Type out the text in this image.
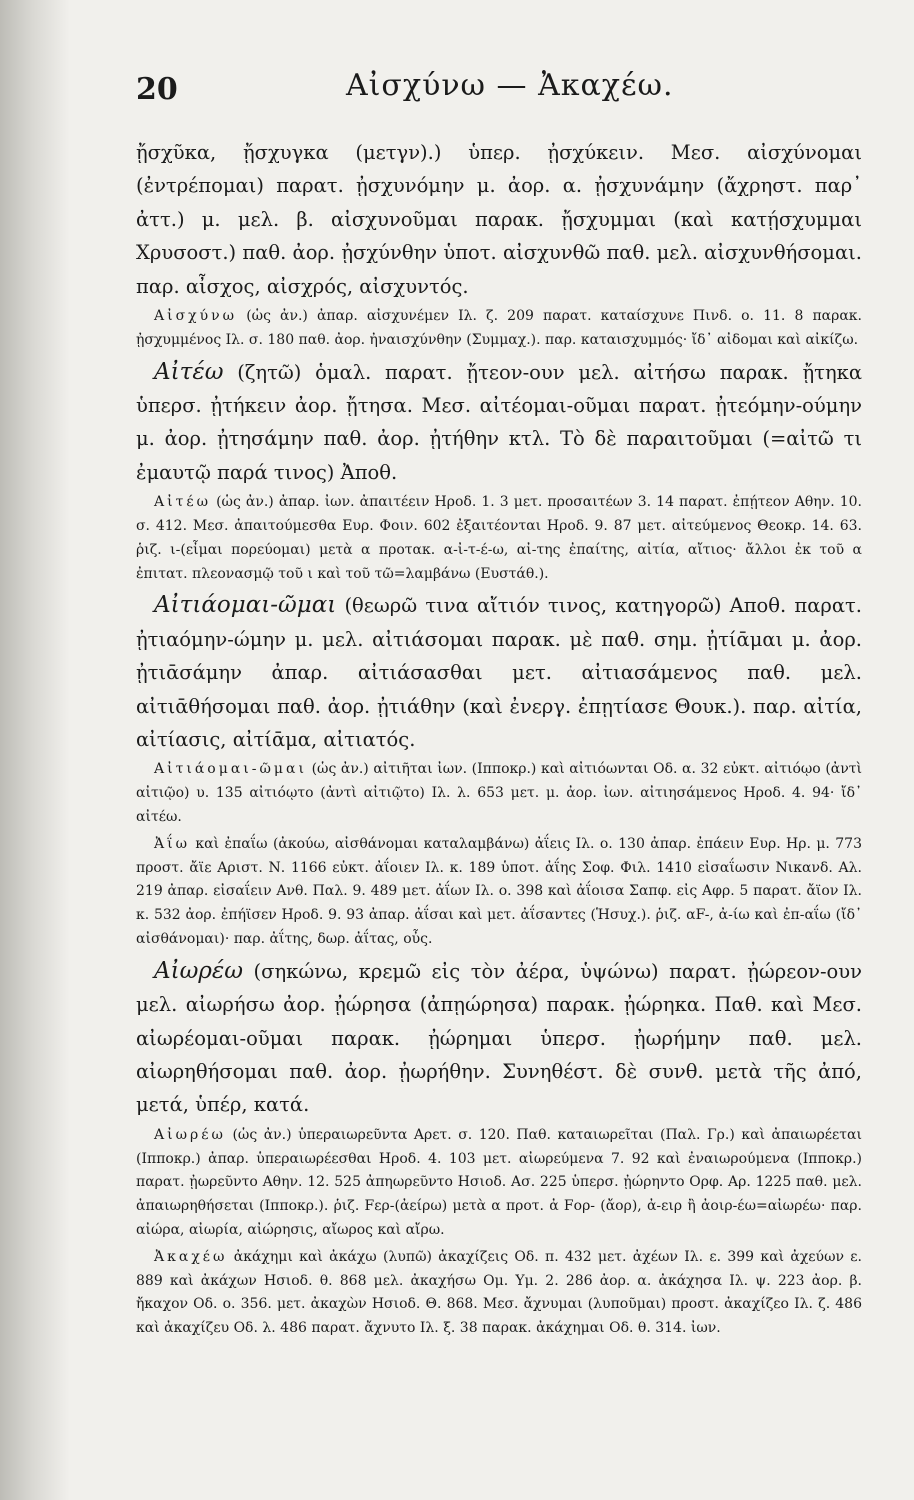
20	Αἰσχύνω — Ἀκαχέω.

ᾔσχῦκα, ᾔσχυγκα (μετγν).) ὑπερ. ᾐσχύκειν. Μεσ. αἰσχύνομαι (ἐντρέπομαι) παρατ. ᾐσχυνόμην μ. ἀορ. α. ᾐσχυνάμην (ἄχρηστ. παρ᾽ ἀττ.) μ. μελ. β. αἰσχυνοῦμαι παρακ. ᾔσχυμμαι (καὶ κατῄσχυμμαι Χρυσοστ.) παθ. ἀορ. ᾐσχύνθην ὑποτ. αἰσχυνθῶ παθ. μελ. αἰσχυνθήσομαι. παρ. αἶσχος, αἰσχρός, αἰσχυντός.

Αἰσχύνω (ὡς ἀν.) ἀπαρ. αἰσχυνέμεν Ιλ. ζ. 209 παρατ. καταίσχυνε Πινδ. ο. 11. 8 παρακ. ᾐσχυμμένος Ιλ. σ. 180 παθ. ἀορ. ἠναισχύνθην (Συμμαχ.). παρ. καταισχυμμός· ἴδ᾽ αἰδομαι καὶ αἰκίζω.

Αἰτέω (ζητῶ) ὁμαλ. παρατ. ᾔτεον-ουν μελ. αἰτήσω παρακ. ᾔτηκα ὑπερσ. ᾐτήκειν ἀορ. ᾔτησα. Μεσ. αἰτέομαι-οῦμαι παρατ. ᾐτεόμην-ούμην μ. ἀορ. ᾐτησάμην παθ. ἀορ. ᾐτήθην κτλ. Τὸ δὲ παραιτοῦμαι (=αἰτῶ τι ἐμαυτῷ παρά τινος) Ἀποθ.

Αἰτέω (ὡς ἀν.) ἀπαρ. ἰων. ἀπαιτέειν Ηροδ. 1. 3 μετ. προσαιτέων 3. 14 παρατ. ἐπῄτεον Αθην. 10. σ. 412. Μεσ. ἀπαιτούμεσθα Ευρ. Φοιν. 602 ἐξαιτέονται Ηροδ. 9. 87 μετ. αἰτεύμενος Θεοκρ. 14. 63. ῥιζ. ι-(εἶμαι πορεύομαι) μετὰ α προτακ. α-ἰ-τ-έ-ω, αἰ-της ἐπαίτης, αἰτία, αἴτιος· ἄλλοι ἐκ τοῦ α ἐπιτατ. πλεονασμῷ τοῦ ι καὶ τοῦ τῶ=λαμβάνω (Ευστάθ.).

Αἰτιάομαι-ῶμαι (θεωρῶ τινα αἴτιόν τινος, κατηγορῶ) Αποθ. παρατ. ᾐτιαόμην-ώμην μ. μελ. αἰτιάσομαι παρακ. μὲ παθ. σημ. ᾐτίᾱμαι μ. ἀορ. ᾐτιᾱσάμην ἀπαρ. αἰτιάσασθαι μετ. αἰτιασάμενος παθ. μελ. αἰτιᾱθήσομαι παθ. ἀορ. ᾐτιάθην (καὶ ἐνεργ. ἐπῃτίασε Θουκ.). παρ. αἰτία, αἰτίασις, αἰτίᾱμα, αἰτιατός.

Αἰτιάομαι-ῶμαι (ὡς ἀν.) αἰτιῆται ἰων. (Ιπποκρ.) καὶ αἰτιόωνται Οδ. α. 32 εὐκτ. αἰτιόῳο (ἀντὶ αἰτιῷο) υ. 135 αἰτιόῳτο (ἀντὶ αἰτιῷτο) Ιλ. λ. 653 μετ. μ. ἀορ. ἰων. αἰτιησάμενος Ηροδ. 4. 94· ἴδ᾽ αἰτέω.

Ἀΐω καὶ ἐπαΐω (ἀκούω, αἰσθάνομαι καταλαμβάνω) ἀΐεις Ιλ. ο. 130 ἀπαρ. ἐπάειν Ευρ. Ηρ. μ. 773 προστ. ἄϊε Αριστ. Ν. 1166 εὐκτ. ἀΐοιεν Ιλ. κ. 189 ὑποτ. ἀΐης Σοφ. Φιλ. 1410 εἰσαΐωσιν Νικανδ. Αλ. 219 ἀπαρ. εἰσαΐειν Ανθ. Παλ. 9. 489 μετ. ἀΐων Ιλ. ο. 398 καὶ ἀΐοισα Σαπφ. εἰς Αφρ. 5 παρατ. ἄϊον Ιλ. κ. 532 ἀορ. ἐπήϊσεν Ηροδ. 9. 93 ἀπαρ. ἀΐσαι καὶ μετ. ἀΐσαντες (Ἡσυχ.). ῥιζ. αF-, ἀ-ίω καὶ ἐπ-αΐω (ἴδ᾽ αἰσθάνομαι)· παρ. ἀΐτης, δωρ. ἀΐτας, οὖς.

Αἰωρέω (σηκώνω, κρεμῶ εἰς τὸν ἀέρα, ὑψώνω) παρατ. ᾐώρεον-ουν μελ. αἰωρήσω ἀορ. ᾐώρησα (ἀπῃώρησα) παρακ. ᾐώρηκα. Παθ. καὶ Μεσ. αἰωρέομαι-οῦμαι παρακ. ᾐώρημαι ὑπερσ. ᾐωρήμην παθ. μελ. αἰωρηθήσομαι παθ. ἀορ. ᾐωρήθην. Συνηθέστ. δὲ συνθ. μετὰ τῆς ἀπό, μετά, ὑπέρ, κατά.

Αἰωρέω (ὡς ἀν.) ὑπεραιωρεῦντα Αρετ. σ. 120. Παθ. καταιωρεῖται (Παλ. Γρ.) καὶ ἀπαιωρέεται (Ιπποκρ.) ἀπαρ. ὑπεραιωρέεσθαι Ηροδ. 4. 103 μετ. αἰωρεύμενα 7. 92 καὶ ἐναιωρούμενα (Ιπποκρ.) παρατ. ᾐωρεῦντο Αθην. 12. 525 ἀπηωρεῦντο Ησιοδ. Ασ. 225 ὑπερσ. ᾐώρηντο Ορφ. Αρ. 1225 παθ. μελ. ἀπαιωρηθήσεται (Ιπποκρ.). ῥιζ. Fερ-(ἀείρω) μετὰ α προτ. ἀ Fορ- (ἄορ), ἀ-ειρ ἢ ἀοιρ-έω=αἰωρέω· παρ. αἰώρα, αἰωρία, αἰώρησις, αἴωρος καὶ αἴρω.

Ἀκαχέω ἀκάχημι καὶ ἀκάχω (λυπῶ) ἀκαχίζεις Οδ. π. 432 μετ. ἀχέων Ιλ. ε. 399 καὶ ἀχεύων ε. 889 καὶ ἀκάχων Ησιοδ. θ. 868 μελ. ἀκαχήσω Ομ. Υμ. 2. 286 ἀορ. α. ἀκάχησα Ιλ. ψ. 223 ἀορ. β. ἤκαχον Οδ. ο. 356. μετ. ἀκαχὼν Ησιοδ. Θ. 868. Μεσ. ἄχνυμαι (λυποῦμαι) προστ. ἀκαχίζεο Ιλ. ζ. 486 καὶ ἀκαχίζευ Οδ. λ. 486 παρατ. ἄχνυτο Ιλ. ξ. 38 παρακ. ἀκάχημαι Οδ. θ. 314. ἰων.
